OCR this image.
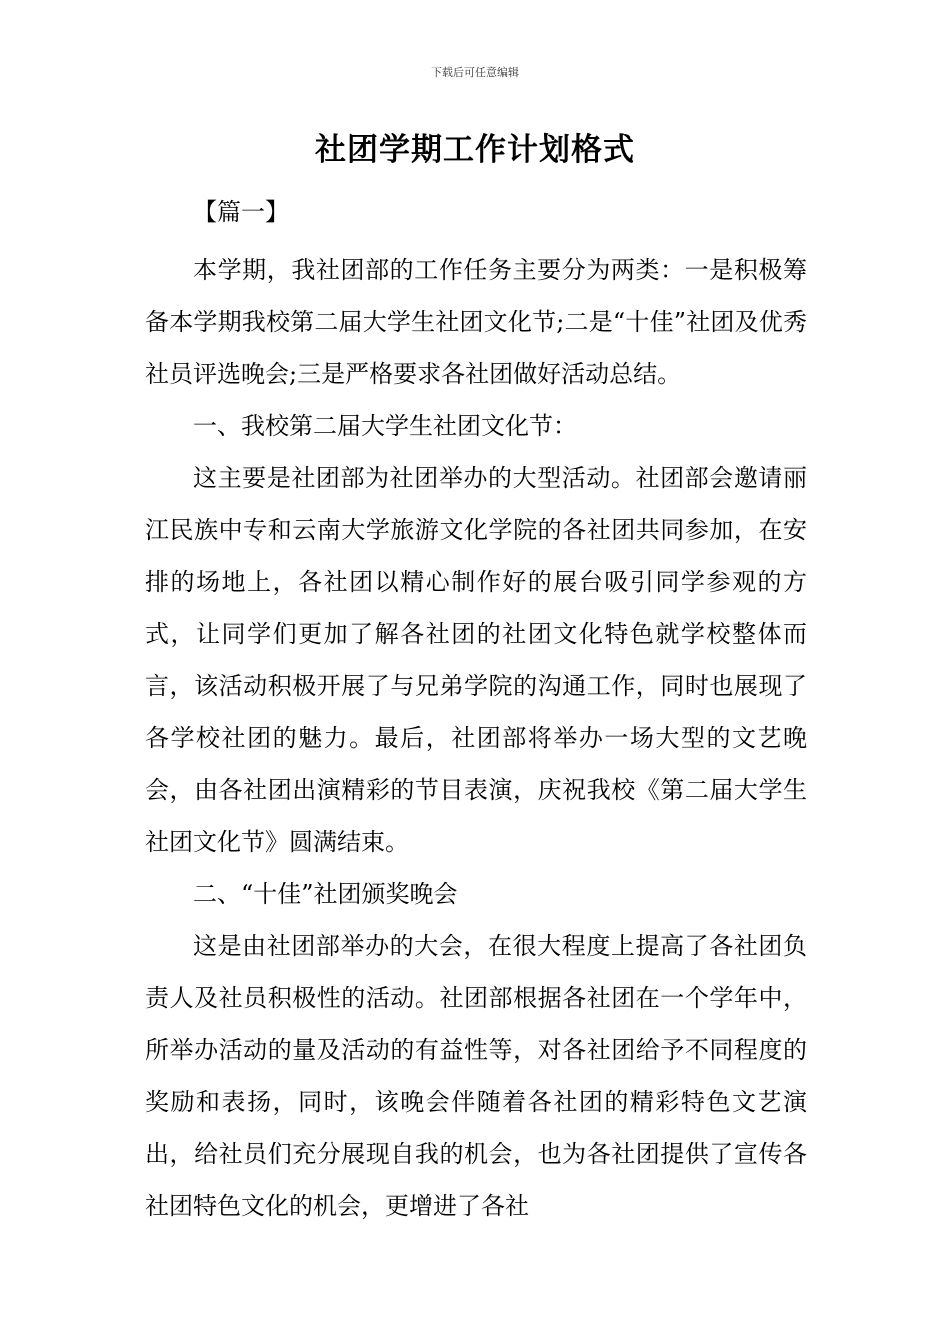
下载后可任意编辑
社团学期工作计划格式

【篇一】

本学期，我社团部的工作任务主要分为两类：一是积极筹备本学期我校第二届大学生社团文化节;二是“十佳”社团及优秀社员评选晚会;三是严格要求各社团做好活动总结。

一、我校第二届大学生社团文化节：

这主要是社团部为社团举办的大型活动。社团部会邀请丽江民族中专和云南大学旅游文化学院的各社团共同参加，在安排的场地上，各社团以精心制作好的展台吸引同学参观的方式，让同学们更加了解各社团的社团文化特色就学校整体而言，该活动积极开展了与兄弟学院的沟通工作，同时也展现了各学校社团的魅力。最后，社团部将举办一场大型的文艺晚会，由各社团出演精彩的节目表演，庆祝我校《第二届大学生社团文化节》圆满结束。

二、“十佳”社团颁奖晚会

这是由社团部举办的大会，在很大程度上提高了各社团负责人及社员积极性的活动。社团部根据各社团在一个学年中，所举办活动的量及活动的有益性等，对各社团给予不同程度的奖励和表扬，同时，该晚会伴随着各社团的精彩特色文艺演出，给社员们充分展现自我的机会，也为各社团提供了宣传各社团特色文化的机会，更增进了各社
